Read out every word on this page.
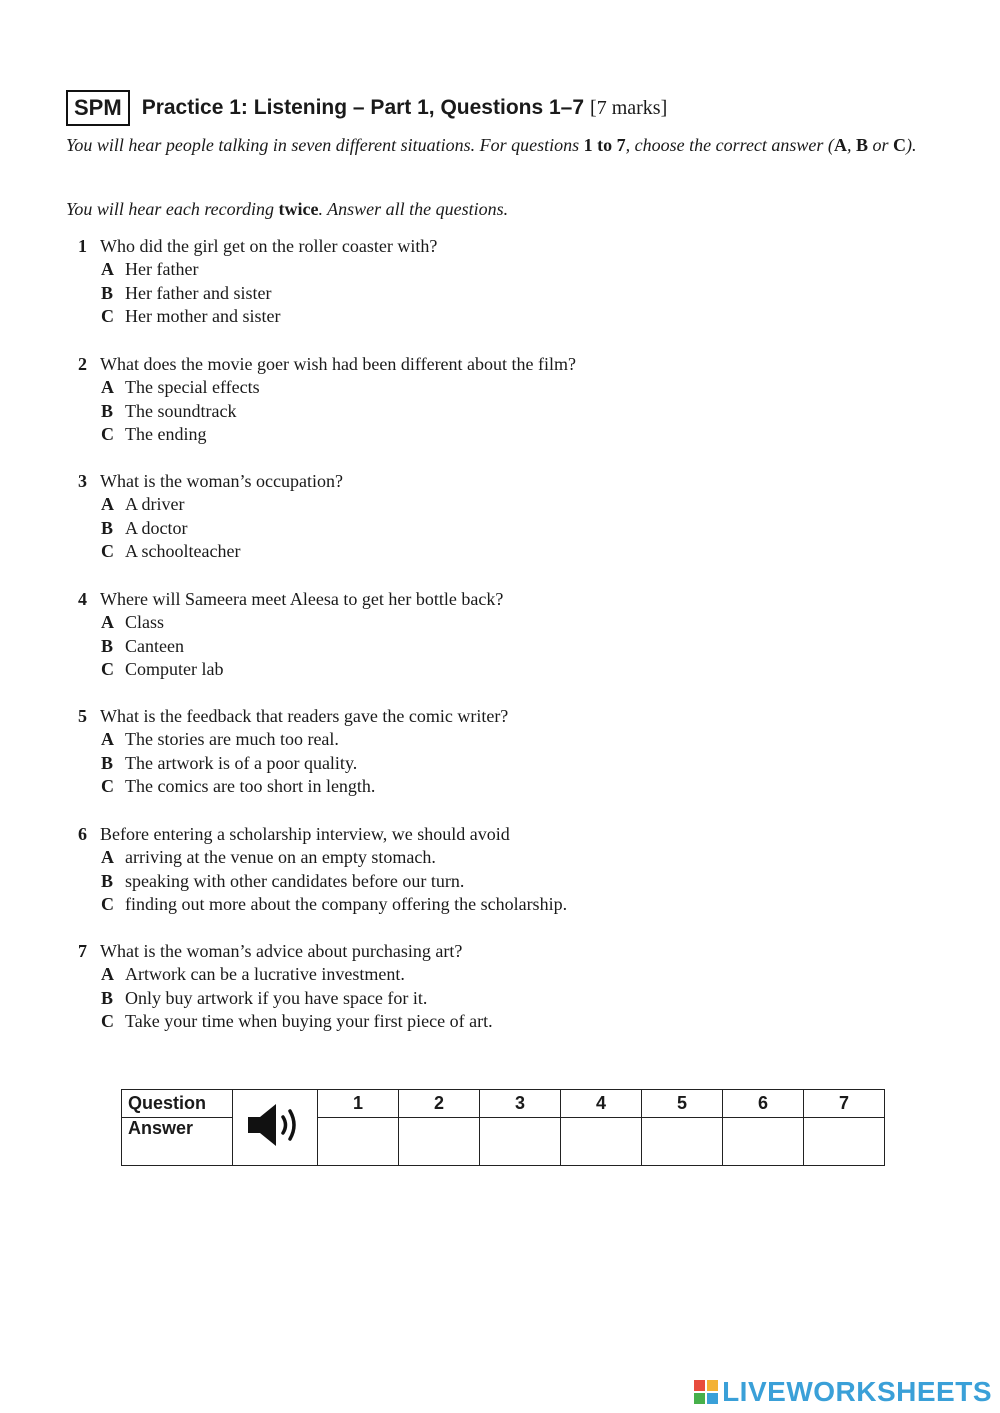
SPM Practice 1: Listening – Part 1, Questions 1–7 [7 marks]
You will hear people talking in seven different situations. For questions 1 to 7, choose the correct answer (A, B or C).
You will hear each recording twice. Answer all the questions.
1 Who did the girl get on the roller coaster with?
A Her father
B Her father and sister
C Her mother and sister
2 What does the movie goer wish had been different about the film?
A The special effects
B The soundtrack
C The ending
3 What is the woman’s occupation?
A A driver
B A doctor
C A schoolteacher
4 Where will Sameera meet Aleesa to get her bottle back?
A Class
B Canteen
C Computer lab
5 What is the feedback that readers gave the comic writer?
A The stories are much too real.
B The artwork is of a poor quality.
C The comics are too short in length.
6 Before entering a scholarship interview, we should avoid
A arriving at the venue on an empty stomach.
B speaking with other candidates before our turn.
C finding out more about the company offering the scholarship.
7 What is the woman’s advice about purchasing art?
A Artwork can be a lucrative investment.
B Only buy artwork if you have space for it.
C Take your time when buying your first piece of art.
Question		1	2	3	4	5	6	7
Answer								
LIVEWORKSHEETS
